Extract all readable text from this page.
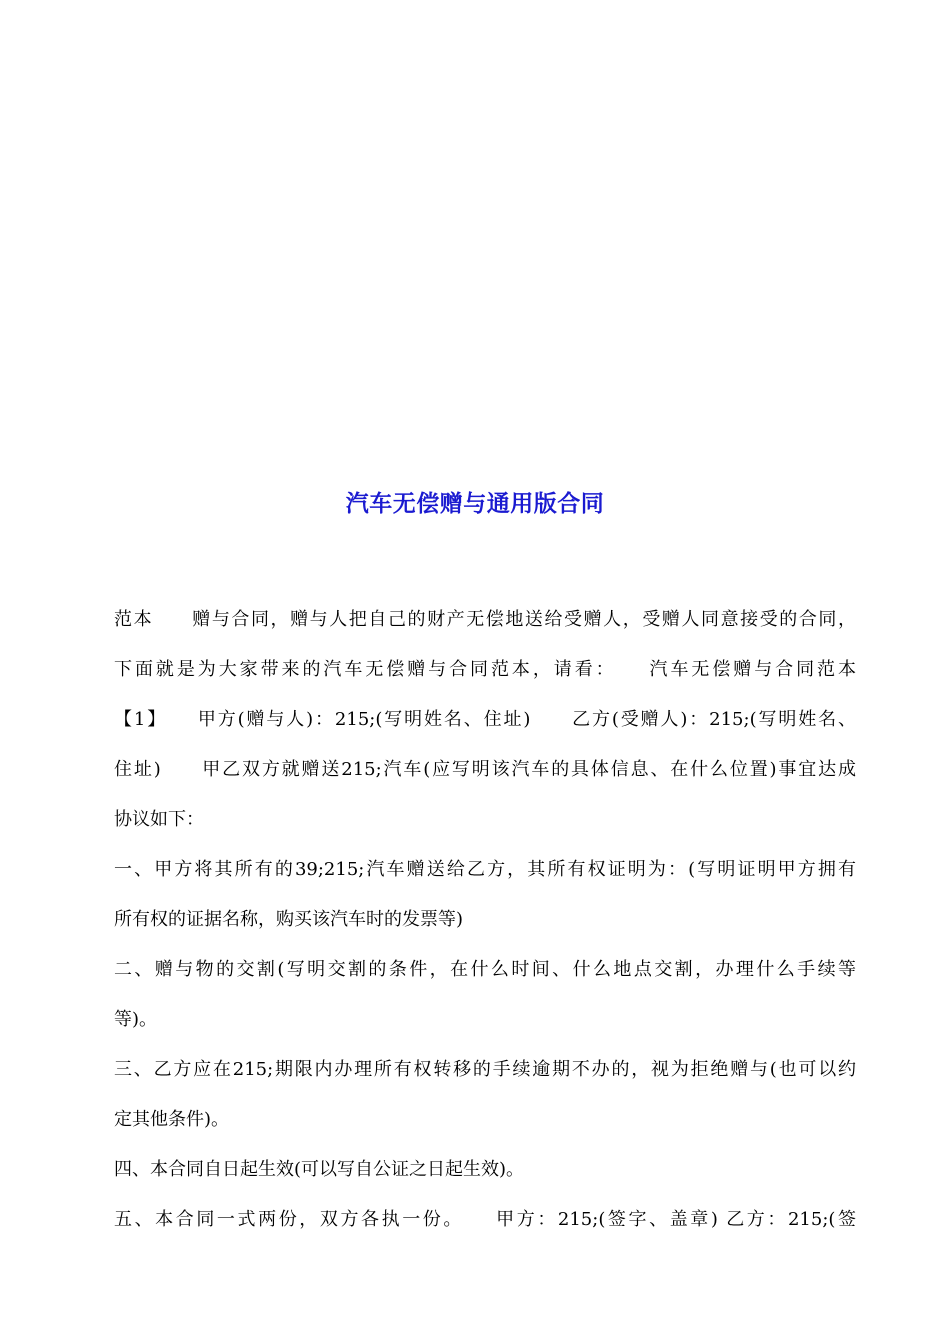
汽车无偿赠与通用版合同
范本　　赠与合同，赠与人把自己的财产无偿地送给受赠人，受赠人同意接受的合同，
下面就是为大家带来的汽车无偿赠与合同范本，请看：　　汽车无偿赠与合同范本
【1】　　甲方(赠与人)：215;(写明姓名、住址)　　乙方(受赠人)：215;(写明姓名、
住址)　　甲乙双方就赠送215;汽车(应写明该汽车的具体信息、在什么位置)事宜达成
协议如下：
一、甲方将其所有的39;215;汽车赠送给乙方，其所有权证明为：(写明证明甲方拥有
所有权的证据名称，购买该汽车时的发票等)
二、赠与物的交割(写明交割的条件，在什么时间、什么地点交割，办理什么手续等
等)。
三、乙方应在215;期限内办理所有权转移的手续逾期不办的，视为拒绝赠与(也可以约
定其他条件)。
四、本合同自日起生效(可以写自公证之日起生效)。
五、本合同一式两份，双方各执一份。　　甲方：215;(签字、盖章) 乙方：215;(签
